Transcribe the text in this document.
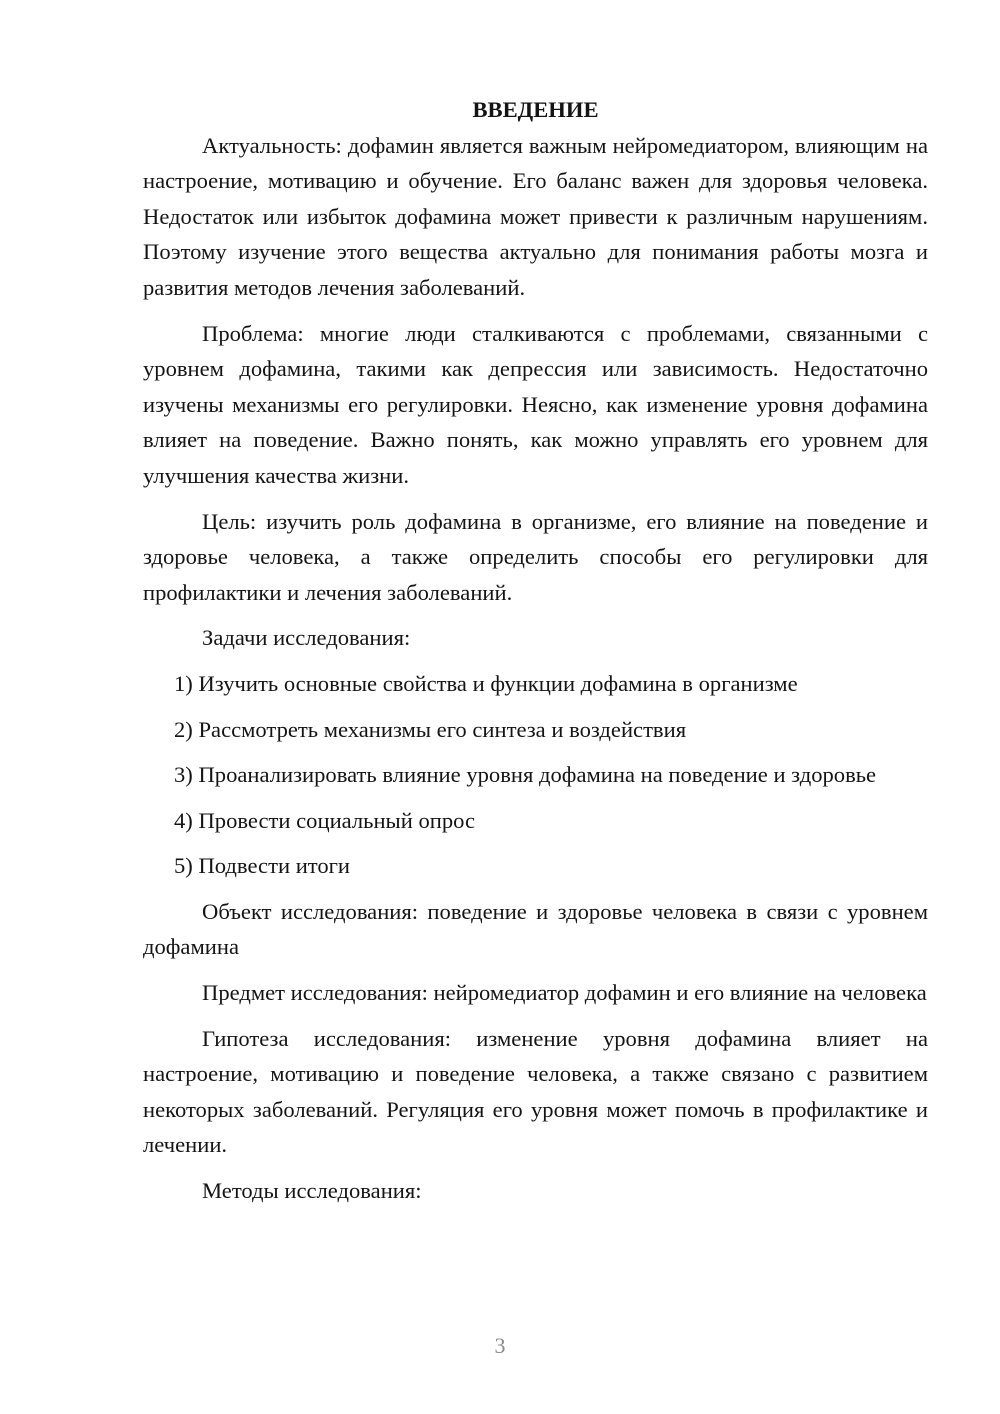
ВВЕДЕНИЕ

Актуальность: дофамин является важным нейромедиатором, влияющим на настроение, мотивацию и обучение. Его баланс важен для здоровья человека. Недостаток или избыток дофамина может привести к различным нарушениям. Поэтому изучение этого вещества актуально для понимания работы мозга и развития методов лечения заболеваний.

Проблема: многие люди сталкиваются с проблемами, связанными с уровнем дофамина, такими как депрессия или зависимость. Недостаточно изучены механизмы его регулировки. Неясно, как изменение уровня дофамина влияет на поведение. Важно понять, как можно управлять его уровнем для улучшения качества жизни.

Цель: изучить роль дофамина в организме, его влияние на поведение и здоровье человека, а также определить способы его регулировки для профилактики и лечения заболеваний.

Задачи исследования:

1) Изучить основные свойства и функции дофамина в организме

2) Рассмотреть механизмы его синтеза и воздействия

3) Проанализировать влияние уровня дофамина на поведение и здоровье

4) Провести социальный опрос

5) Подвести итоги

Объект исследования: поведение и здоровье человека в связи с уровнем дофамина

Предмет исследования: нейромедиатор дофамин и его влияние на человека

Гипотеза исследования: изменение уровня дофамина влияет на настроение, мотивацию и поведение человека, а также связано с развитием некоторых заболеваний. Регуляция его уровня может помочь в профилактике и лечении.

Методы исследования:

3
